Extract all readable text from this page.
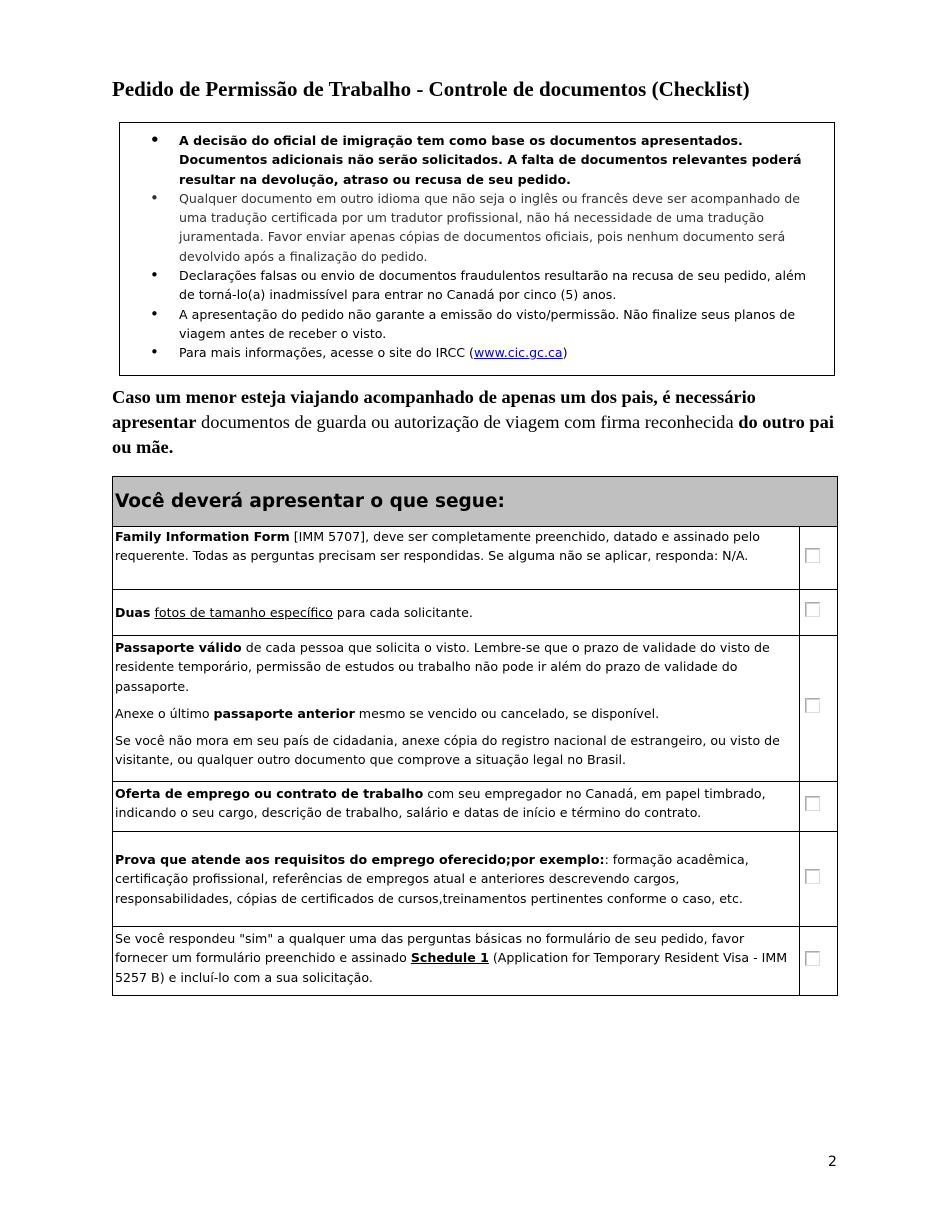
Pedido de Permissão de Trabalho - Controle de documentos (Checklist)
• A decisão do oficial de imigração tem como base os documentos apresentados. Documentos adicionais não serão solicitados. A falta de documentos relevantes poderá resultar na devolução, atraso ou recusa de seu pedido.
• Qualquer documento em outro idioma que não seja o inglês ou francês deve ser acompanhado de uma tradução certificada por um tradutor profissional, não há necessidade de uma tradução juramentada. Favor enviar apenas cópias de documentos oficiais, pois nenhum documento será devolvido após a finalização do pedido.
• Declarações falsas ou envio de documentos fraudulentos resultarão na recusa de seu pedido, além de torná-lo(a) inadmissível para entrar no Canadá por cinco (5) anos.
• A apresentação do pedido não garante a emissão do visto/permissão. Não finalize seus planos de viagem antes de receber o visto.
• Para mais informações, acesse o site do IRCC (www.cic.gc.ca)
Caso um menor esteja viajando acompanhado de apenas um dos pais, é necessário apresentar documentos de guarda ou autorização de viagem com firma reconhecida do outro pai ou mãe.
Você deverá apresentar o que segue:	
Family Information Form [IMM 5707], deve ser completamente preenchido, datado e assinado pelo requerente. Todas as perguntas precisam ser respondidas. Se alguma não se aplicar, responda: N/A.	
Duas fotos de tamanho específico para cada solicitante.	

Passaporte válido de cada pessoa que solicita o visto. Lembre-se que o prazo de validade do visto de residente temporário, permissão de estudos ou trabalho não pode ir além do prazo de validade do passaporte.

Anexe o último passaporte anterior mesmo se vencido ou cancelado, se disponível.

Se você não mora em seu país de cidadania, anexe cópia do registro nacional de estrangeiro, ou visto de visitante, ou qualquer outro documento que comprove a situação legal no Brasil.	

Oferta de emprego ou contrato de trabalho com seu empregador no Canadá, em papel timbrado, indicando o seu cargo, descrição de trabalho, salário e datas de início e término do contrato.	
Prova que atende aos requisitos do emprego oferecido;por exemplo:: formação acadêmica, certificação profissional, referências de empregos atual e anteriores descrevendo cargos, responsabilidades, cópias de certificados de cursos,treinamentos pertinentes conforme o caso, etc.	
Se você respondeu "sim" a qualquer uma das perguntas básicas no formulário de seu pedido, favor fornecer um formulário preenchido e assinado Schedule 1 (Application for Temporary Resident Visa - IMM 5257 B) e incluí-lo com a sua solicitação.	
2
